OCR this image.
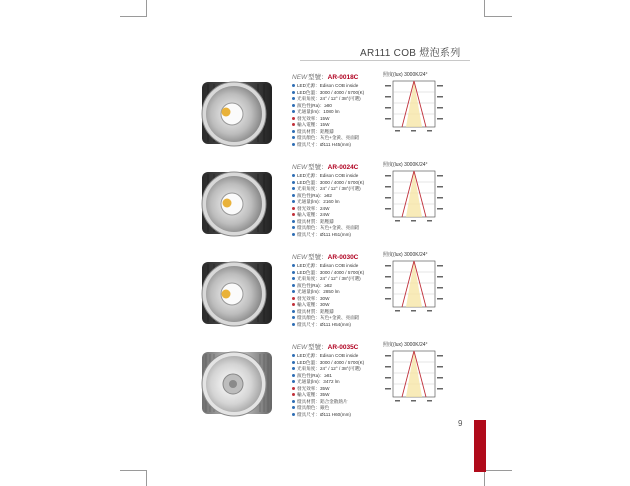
AR111 COB 燈泡系列
NEW型號：AR-0018C
LED光源：Edison COB inside
LED色溫：3000 / 4000 / 5700(K)
光束角度：24° / 12° / 38°(可選)
演色性(Ra)：≥80
光通量(lm)：1080 lm
發光效率：15W
輸入電壓：15W
燈具材質：鋁壓鑄
燈具顏色：灰色+金黃、亮面鋁
燈具尺寸：Ø111 H45(mm)
照度(lux) 3000K/24°
NEW型號：AR-0024C
LED光源：Edison COB inside
LED色溫：3000 / 4000 / 5700(K)
光束角度：24° / 12° / 38°(可選)
演色性(Ra)：≥82
光通量(lm)：2160 lm
發光效率：24W
輸入電壓：24W
燈具材質：鋁壓鑄
燈具顏色：灰色+金黃、亮面鋁
燈具尺寸：Ø111 H51(mm)
照度(lux) 3000K/24°
NEW型號：AR-0030C
LED光源：Edison COB inside
LED色溫：3000 / 4000 / 5700(K)
光束角度：24° / 12° / 38°(可選)
演色性(Ra)：≥82
光通量(lm)：2850 lm
發光效率：30W
輸入電壓：30W
燈具材質：鋁壓鑄
燈具顏色：灰色+金黃、亮面鋁
燈具尺寸：Ø111 H54(mm)
照度(lux) 3000K/24°
NEW型號：AR-0035C
LED光源：Edison COB inside
LED色溫：3000 / 4000 / 5700(K)
光束角度：24° / 12° / 38°(可選)
演色性(Ra)：≥81
光通量(lm)：3472 lm
發光效率：35W
輸入電壓：35W
燈具材質：鋁合金散熱片
燈具顏色：銀色
燈具尺寸：Ø111 H60(mm)
照度(lux) 3000K/24°
9
